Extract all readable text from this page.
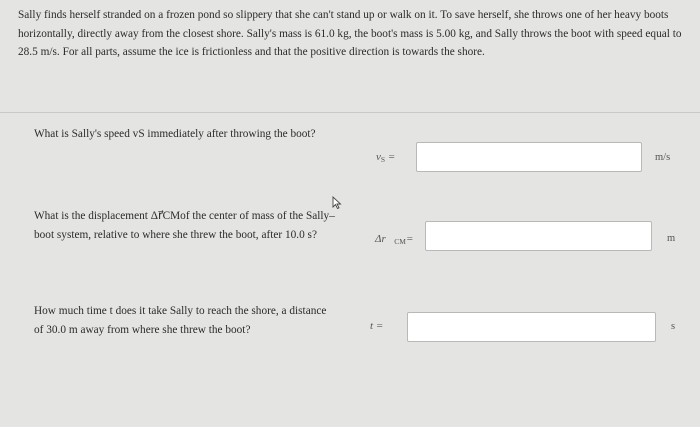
Sally finds herself stranded on a frozen pond so slippery that she can't stand up or walk on it. To save herself, she throws one of her heavy boots horizontally, directly away from the closest shore. Sally's mass is 61.0 kg, the boot's mass is 5.00 kg, and Sally throws the boot with speed equal to 28.5 m/s. For all parts, assume the ice is frictionless and that the positive direction is towards the shore.
What is Sally's speed vS immediately after throwing the boot?
$v_S$ =	m/s
What is the displacement Δr⃗CMof the center of mass of the Sally–boot system, relative to where she threw the boot, after 10.0 s?	$\Delta r⃗_{CM}=$	m
How much time t does it take Sally to reach the shore, a distance of 30.0 m away from where she threw the boot?	t =	s
